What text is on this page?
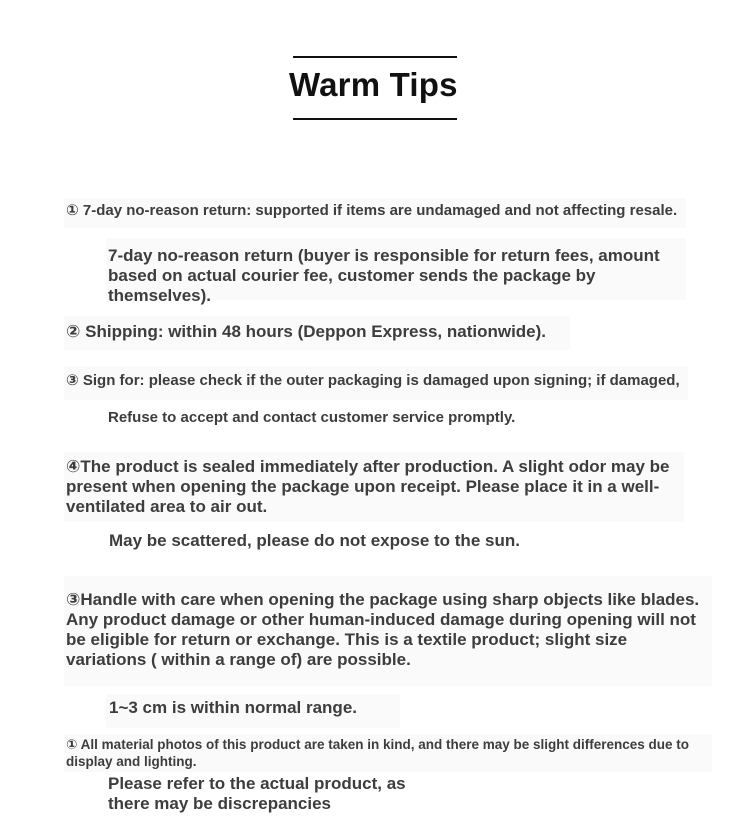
Warm Tips
① 7-day no-reason return: supported if items are undamaged and not affecting resale.
7-day no-reason return (buyer is responsible for return fees, amount based on actual courier fee, customer sends the package by themselves).
② Shipping: within 48 hours (Deppon Express, nationwide).
③ Sign for: please check if the outer packaging is damaged upon signing; if damaged,
Refuse to accept and contact customer service promptly.
④The product is sealed immediately after production. A slight odor may be present when opening the package upon receipt. Please place it in a well-ventilated area to air out.
May be scattered, please do not expose to the sun.
③Handle with care when opening the package using sharp objects like blades. Any product damage or other human-induced damage during opening will not be eligible for return or exchange. This is a textile product; slight size variations ( within a range of) are possible.
1~3 cm is within normal range.
① All material photos of this product are taken in kind, and there may be slight differences due to display and lighting.
Please refer to the actual product, as there may be discrepancies
